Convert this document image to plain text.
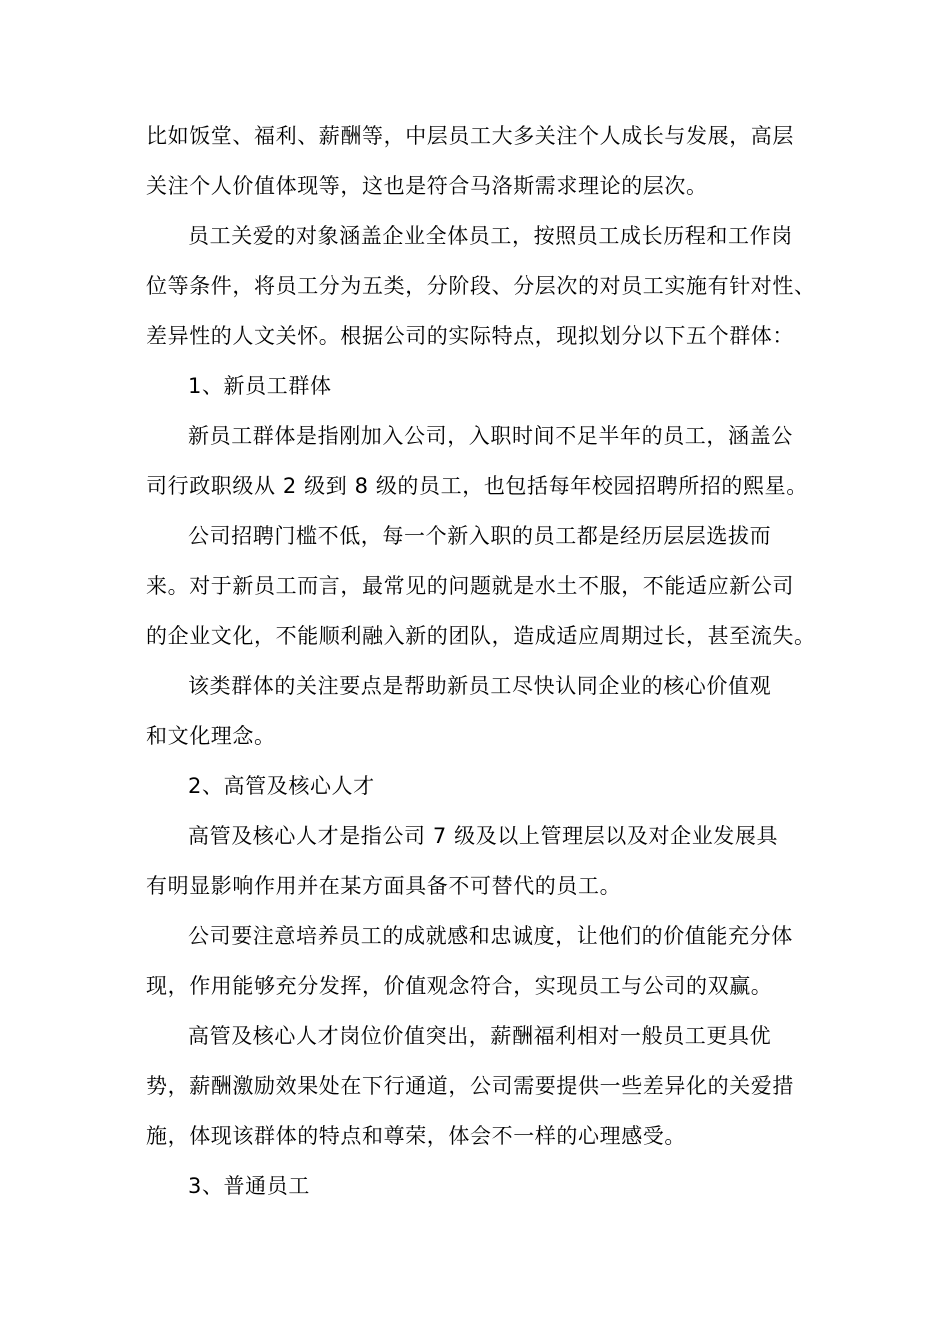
比如饭堂、福利、薪酬等，中层员工大多关注个人成长与发展，高层
关注个人价值体现等，这也是符合马洛斯需求理论的层次。
员工关爱的对象涵盖企业全体员工，按照员工成长历程和工作岗
位等条件，将员工分为五类，分阶段、分层次的对员工实施有针对性、
差异性的人文关怀。根据公司的实际特点，现拟划分以下五个群体：
1、新员工群体
新员工群体是指刚加入公司，入职时间不足半年的员工，涵盖公
司行政职级从 2 级到 8 级的员工，也包括每年校园招聘所招的熙星。
公司招聘门槛不低，每一个新入职的员工都是经历层层选拔而
来。对于新员工而言，最常见的问题就是水土不服，不能适应新公司
的企业文化，不能顺利融入新的团队，造成适应周期过长，甚至流失。
该类群体的关注要点是帮助新员工尽快认同企业的核心价值观
和文化理念。
2、高管及核心人才
高管及核心人才是指公司 7 级及以上管理层以及对企业发展具
有明显影响作用并在某方面具备不可替代的员工。
公司要注意培养员工的成就感和忠诚度，让他们的价值能充分体
现，作用能够充分发挥，价值观念符合，实现员工与公司的双赢。
高管及核心人才岗位价值突出，薪酬福利相对一般员工更具优
势，薪酬激励效果处在下行通道，公司需要提供一些差异化的关爱措
施，体现该群体的特点和尊荣，体会不一样的心理感受。
3、普通员工
